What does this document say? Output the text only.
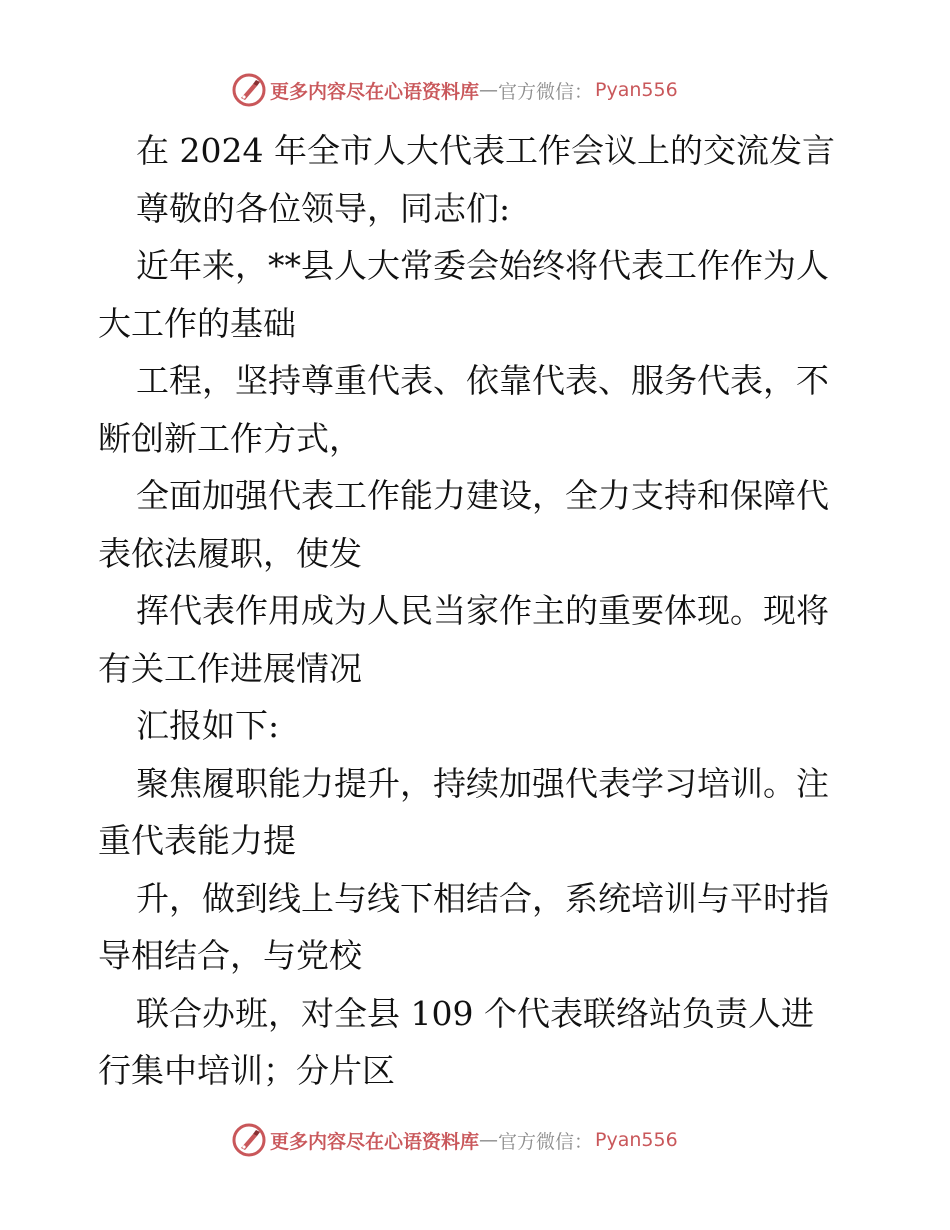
更多内容尽在心语资料库 — 官方微信： Pyan556
在 2024 年全市人大代表工作会议上的交流发言
尊敬的各位领导，同志们:
近年来，**县人大常委会始终将代表工作作为人
大工作的基础
工程，坚持尊重代表、依靠代表、服务代表，不
断创新工作方式，
全面加强代表工作能力建设，全力支持和保障代
表依法履职，使发
挥代表作用成为人民当家作主的重要体现。现将
有关工作进展情况
汇报如下:
聚焦履职能力提升，持续加强代表学习培训。注
重代表能力提
升，做到线上与线下相结合，系统培训与平时指
导相结合，与党校
联合办班，对全县 109 个代表联络站负责人进
行集中培训；分片区
更多内容尽在心语资料库 — 官方微信： Pyan556
